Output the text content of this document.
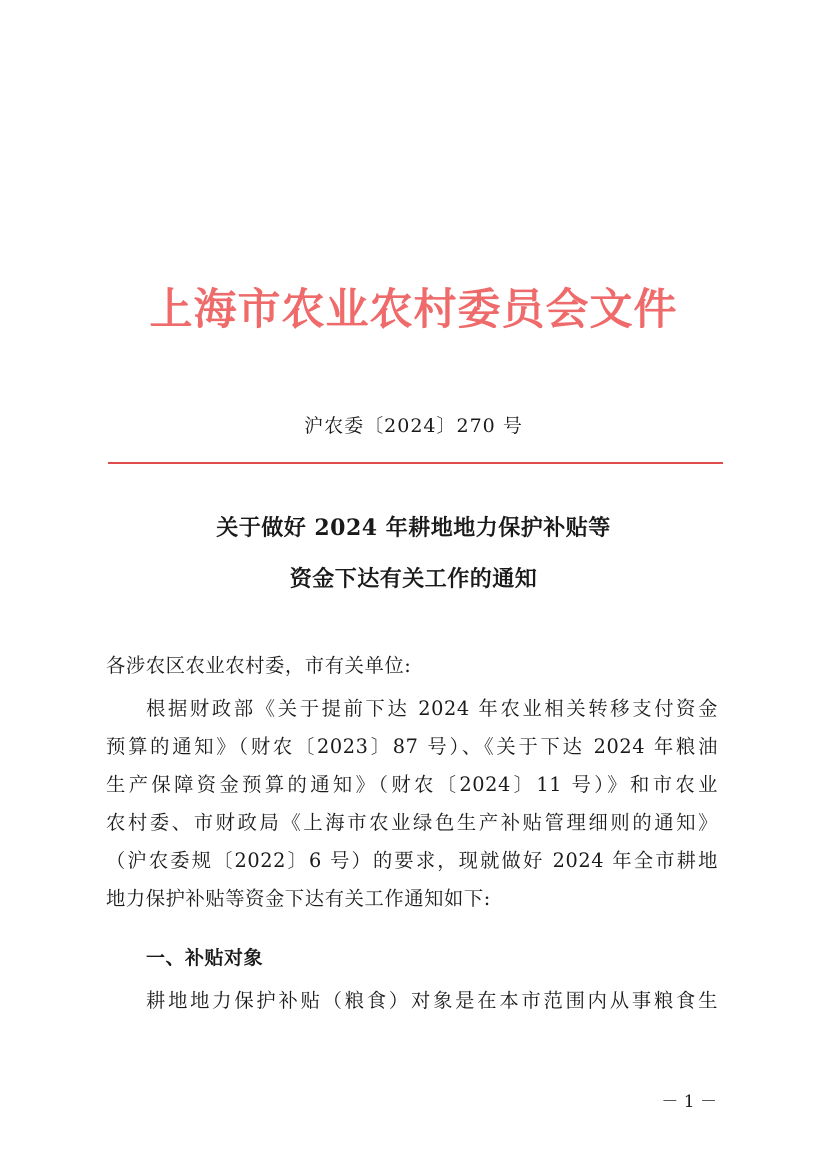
上海市农业农村委员会文件
沪农委〔2024〕270 号
关于做好 2024 年耕地地力保护补贴等
资金下达有关工作的通知
各涉农区农业农村委，市有关单位:
根据财政部《关于提前下达 2024 年农业相关转移支付资金
预算的通知》（财农〔2023〕87 号）、《关于下达 2024 年粮油
生产保障资金预算的通知》（财农〔2024〕11 号）》和市农业
农村委、市财政局《上海市农业绿色生产补贴管理细则的通知》
（沪农委规〔2022〕6 号）的要求，现就做好 2024 年全市耕地
地力保护补贴等资金下达有关工作通知如下:
一、补贴对象
耕地地力保护补贴（粮食）对象是在本市范围内从事粮食生
－ 1 －
